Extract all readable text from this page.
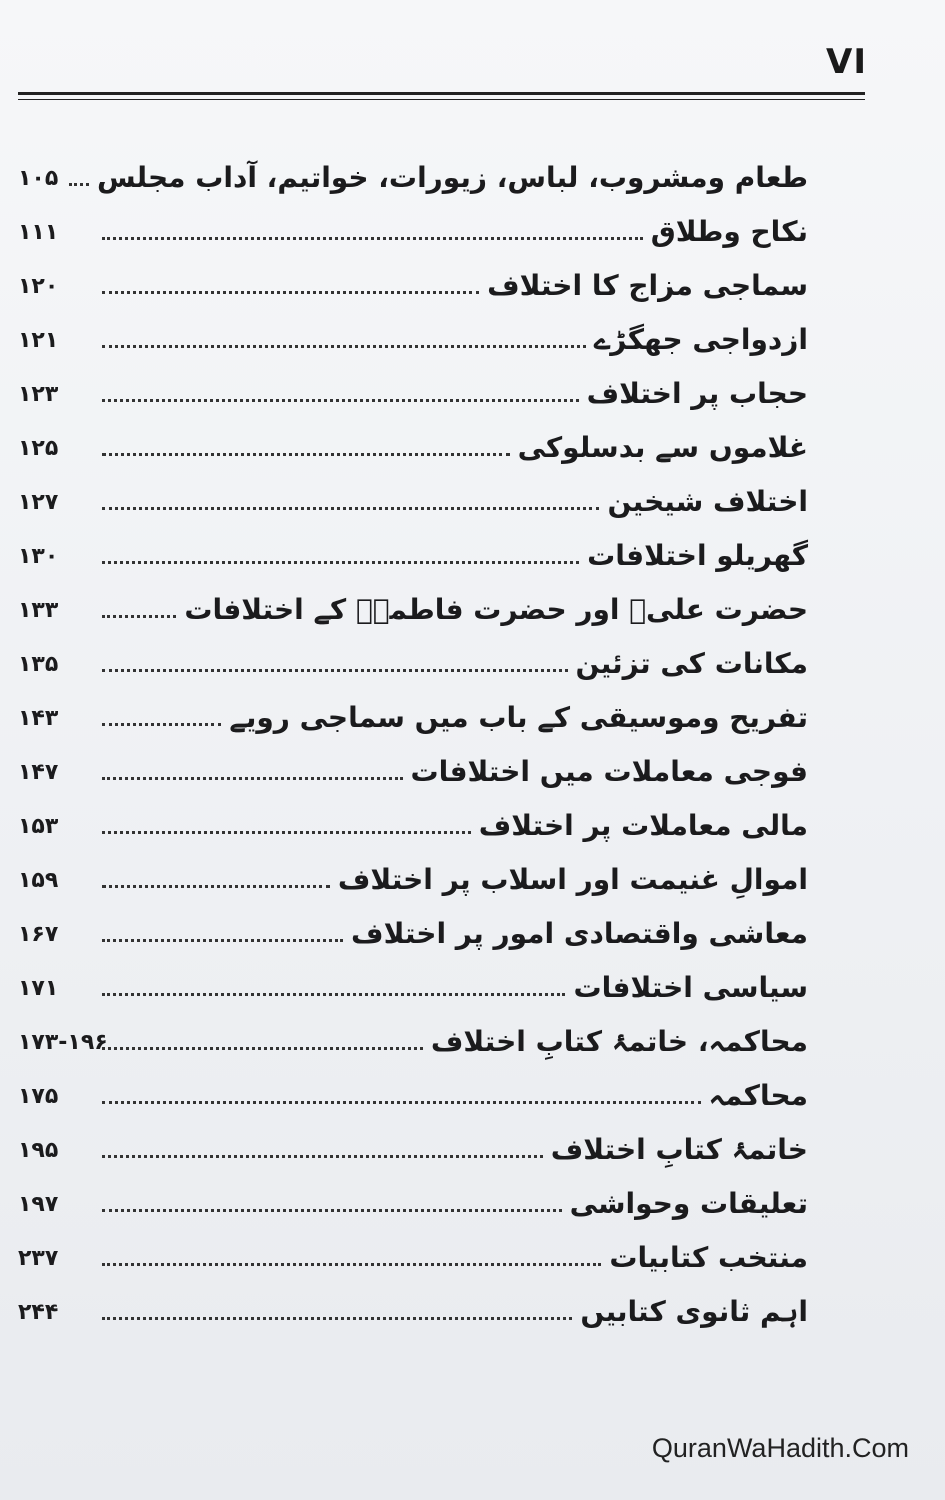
VI
طعام ومشروب، لباس، زیورات، خواتیم، آداب مجلس
۱۰۵
نکاح وطلاق
۱۱۱
سماجی مزاج کا اختلاف
۱۲۰
ازدواجی جھگڑے
۱۲۱
حجاب پر اختلاف
۱۲۳
غلاموں سے بدسلوکی
۱۲۵
اختلاف شیخین
۱۲۷
گھریلو اختلافات
۱۳۰
حضرت علیؓ اور حضرت فاطمہؓ کے اختلافات
۱۳۳
مکانات کی تزئین
۱۳۵
تفریح وموسیقی کے باب میں سماجی رویے
۱۴۳
فوجی معاملات میں اختلافات
۱۴۷
مالی معاملات پر اختلاف
۱۵۳
اموالِ غنیمت اور اسلاب پر اختلاف
۱۵۹
معاشی واقتصادی امور پر اختلاف
۱۶۷
سیاسی اختلافات
۱۷۱
محاکمہ، خاتمۂ کتابِ اختلاف
۱۷۳-۱۹۶
محاکمہ
۱۷۵
خاتمۂ کتابِ اختلاف
۱۹۵
تعلیقات وحواشی
۱۹۷
منتخب کتابیات
۲۳۷
اہم ثانوی کتابیں
۲۴۴
QuranWaHadith.Com
